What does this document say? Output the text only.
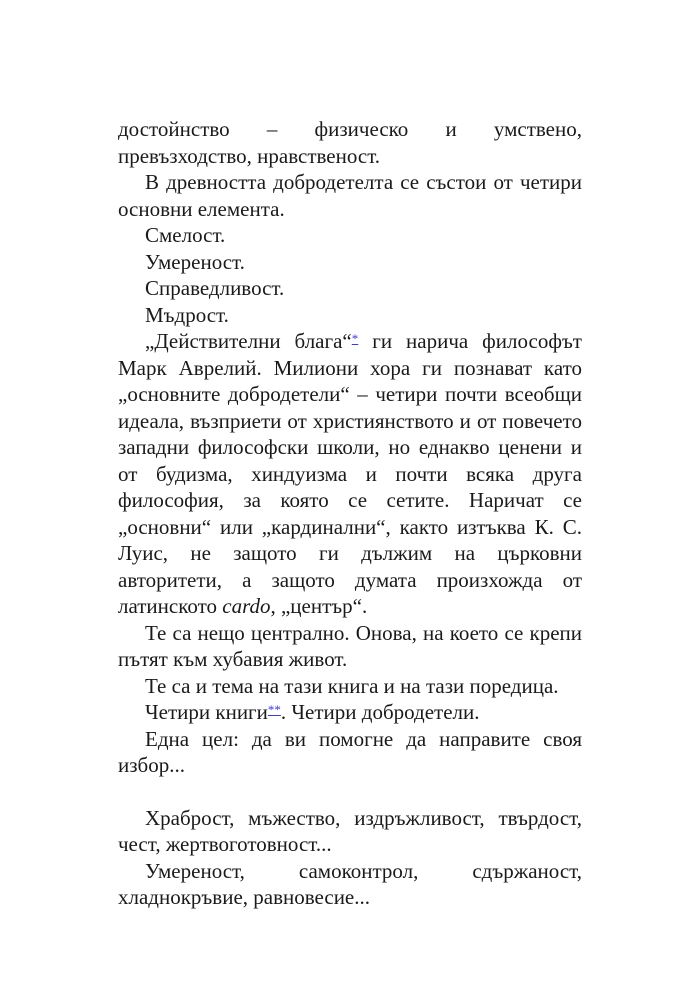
достойнство – физическо и умствено, превъзходство, нравственост.

В древността добродетелта се състои от четири основни елемента.

Смелост.

Умереност.

Справедливост.

Мъдрост.

„Действителни блага“* ги нарича философът Марк Аврелий. Милиони хора ги познават като „основните добродетели“ – четири почти всеобщи идеала, възприети от християнството и от повечето западни философски школи, но еднакво ценени и от будизма, хиндуизма и почти всяка друга философия, за която се сетите. Наричат се „основни“ или „кардинални“, както изтъква К. С. Луис, не защото ги дължим на църковни авторитети, а защото думата произхожда от латинското cardo, „център“.

Те са нещо централно. Онова, на което се крепи пътят към хубавия живот.

Те са и тема на тази книга и на тази поредица.

Четири книги**. Четири добродетели.

Една цел: да ви помогне да направите своя избор...

Храброст, мъжество, издръжливост, твърдост, чест, жертвоготовност...

Умереност, самоконтрол, сдържаност, хладнокръвие, равновесие...
